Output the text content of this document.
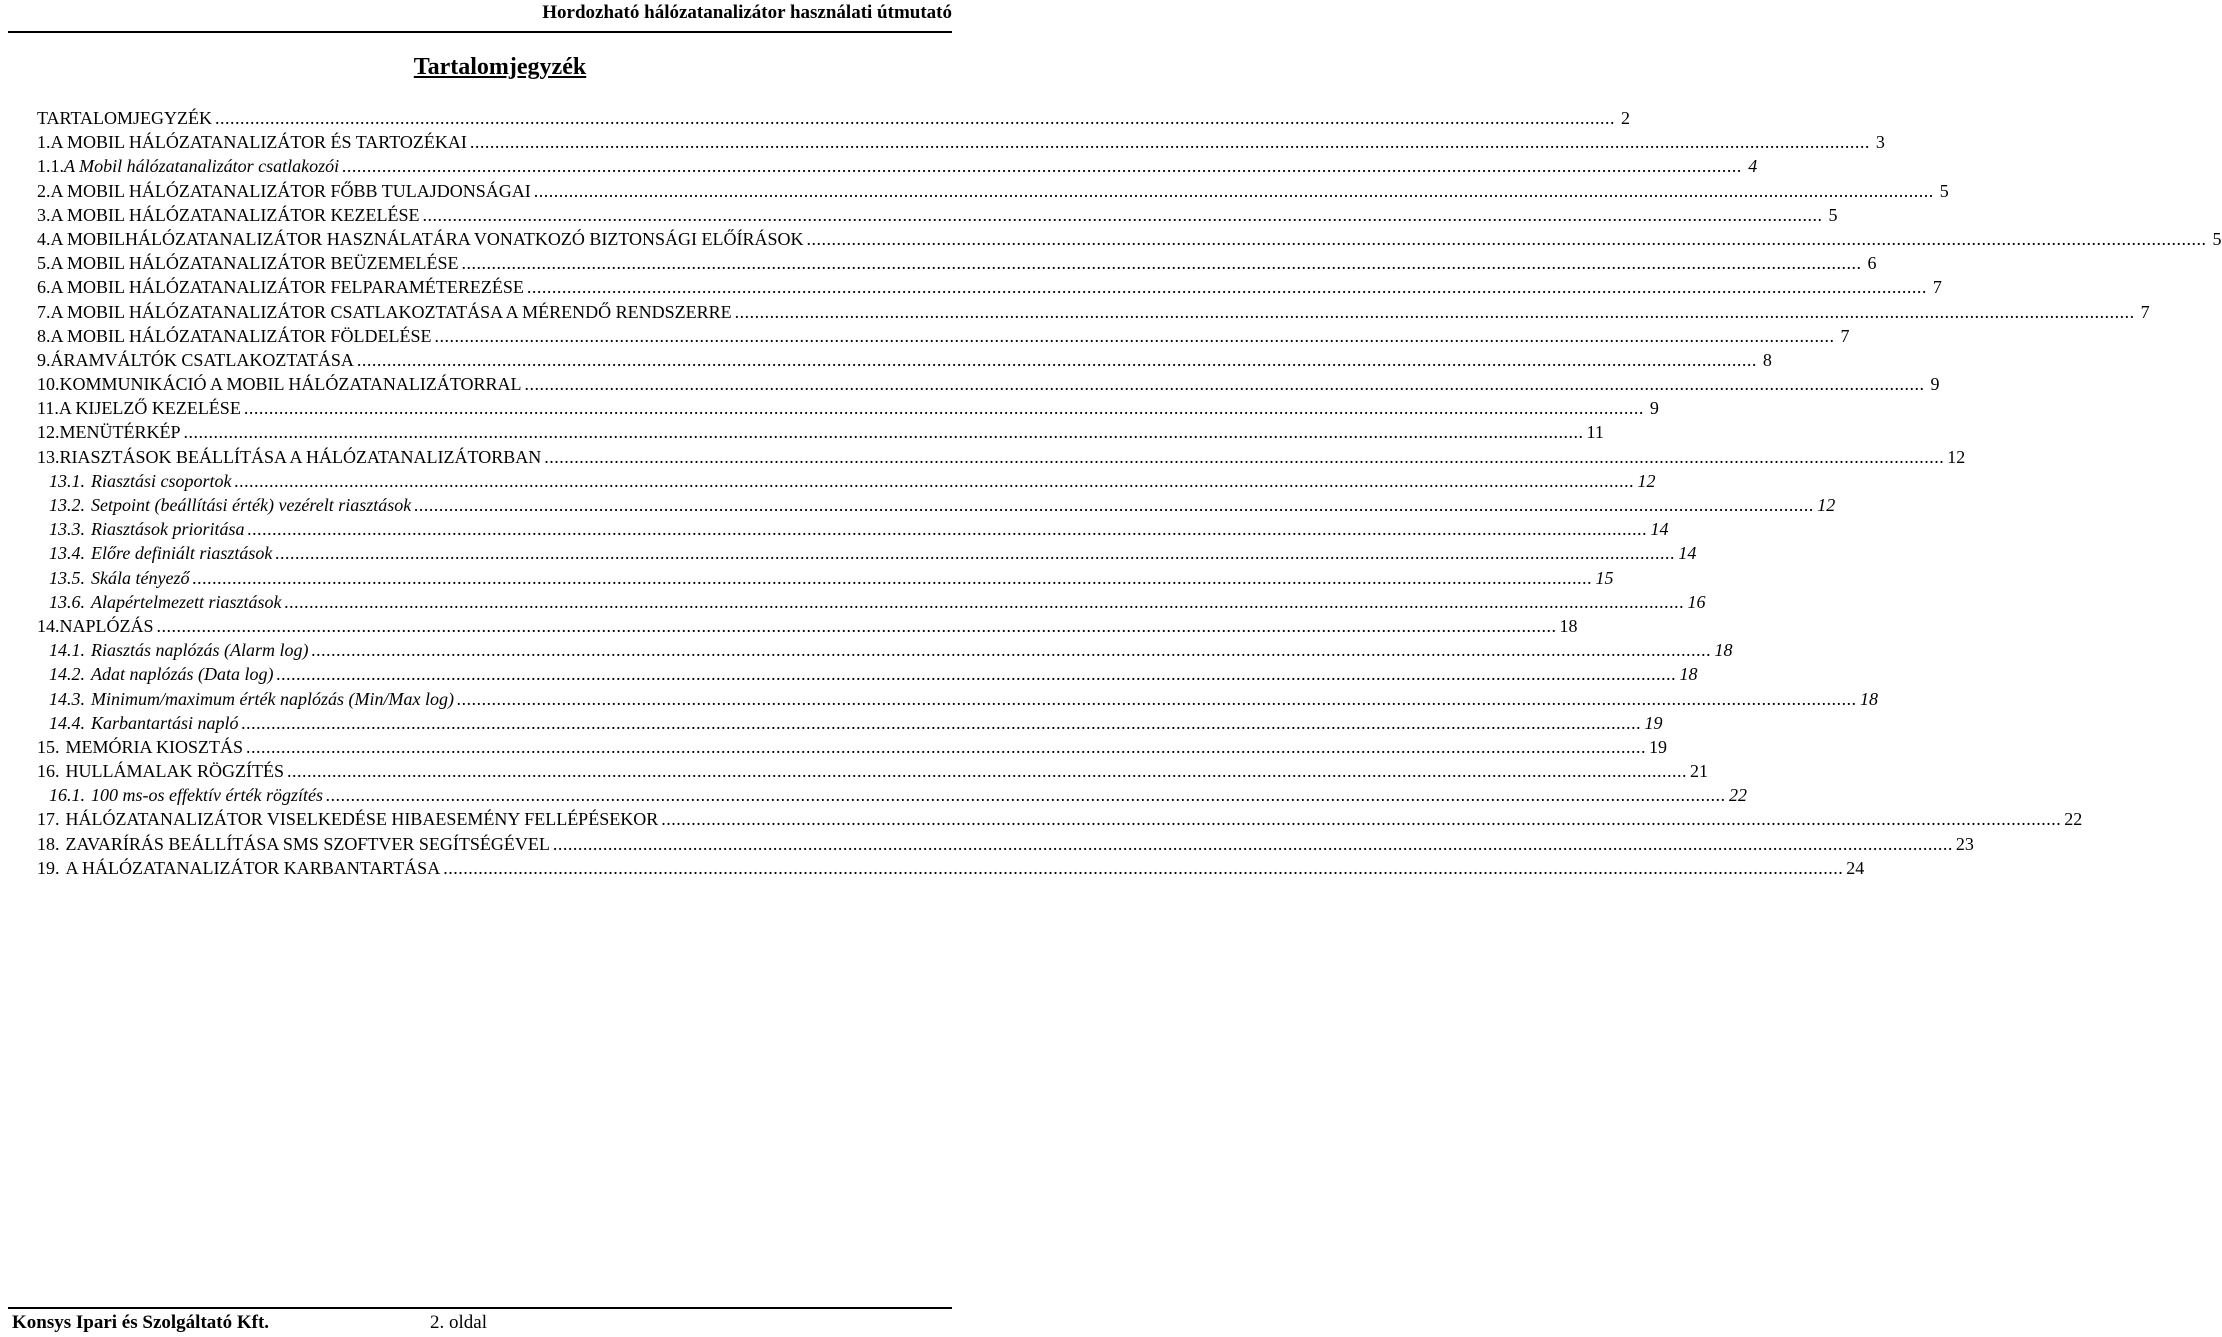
Hordozható hálózatanalizátor használati útmutató
Tartalomjegyzék
TARTALOMJEGYZÉK .....	2
1. A MOBIL HÁLÓZATANALIZÁTOR ÉS TARTOZÉKAI .....	3
1.1. A Mobil hálózatanalizátor csatlakozói .....	4
2. A MOBIL HÁLÓZATANALIZÁTOR FŐBB TULAJDONSÁGAI .....	5
3. A MOBIL HÁLÓZATANALIZÁTOR KEZELÉSE .....	5
4. A MOBILHÁLÓZATANALIZÁTOR HASZNÁLATÁRA VONATKOZÓ BIZTONSÁGI ELŐÍRÁSOK .....	5
5. A MOBIL HÁLÓZATANALIZÁTOR BEÜZEMELÉSE .....	6
6. A MOBIL HÁLÓZATANALIZÁTOR FELPARAMÉTEREZÉSE .....	7
7. A MOBIL HÁLÓZATANALIZÁTOR CSATLAKOZTATÁSA A MÉRENDŐ RENDSZERRE .....	7
8. A MOBIL HÁLÓZATANALIZÁTOR FÖLDELÉSE .....	7
9. ÁRAMVÁLTÓK CSATLAKOZTATÁSA .....	8
10. KOMMUNIKÁCIÓ A MOBIL HÁLÓZATANALIZÁTORRAL .....	9
11. A KIJELZŐ KEZELÉSE .....	9
12. MENÜTÉRKÉP .....	11
13. RIASZTÁSOK BEÁLLÍTÁSA A HÁLÓZATANALIZÁTORBAN .....	12
13.1. Riasztási csoportok .....	12
13.2. Setpoint (beállítási érték) vezérelt riasztások .....	12
13.3. Riasztások prioritása .....	14
13.4. Előre definiált riasztások .....	14
13.5. Skála tényező .....	15
13.6. Alapértelmezett riasztások .....	16
14. NAPLÓZÁS .....	18
14.1. Riasztás naplózás (Alarm log) .....	18
14.2. Adat naplózás (Data log) .....	18
14.3. Minimum/maximum érték naplózás (Min/Max log) .....	18
14.4. Karbantartási napló .....	19
15. MEMÓRIA KIOSZTÁS .....	19
16. HULLÁMALAK RÖGZÍTÉS .....	21
16.1. 100 ms-os effektív érték rögzítés .....	22
17. HÁLÓZATANALIZÁTOR VISELKEDÉSE HIBAESEMÉNY FELLÉPÉSEKOR .....	22
18. ZAVARÍRÁS BEÁLLÍTÁSA SMS SZOFTVER SEGÍTSÉGÉVEL .....	23
19. A HÁLÓZATANALIZÁTOR KARBANTARTÁSA .....	24
Konsys Ipari és Szolgáltató Kft.	2. oldal
